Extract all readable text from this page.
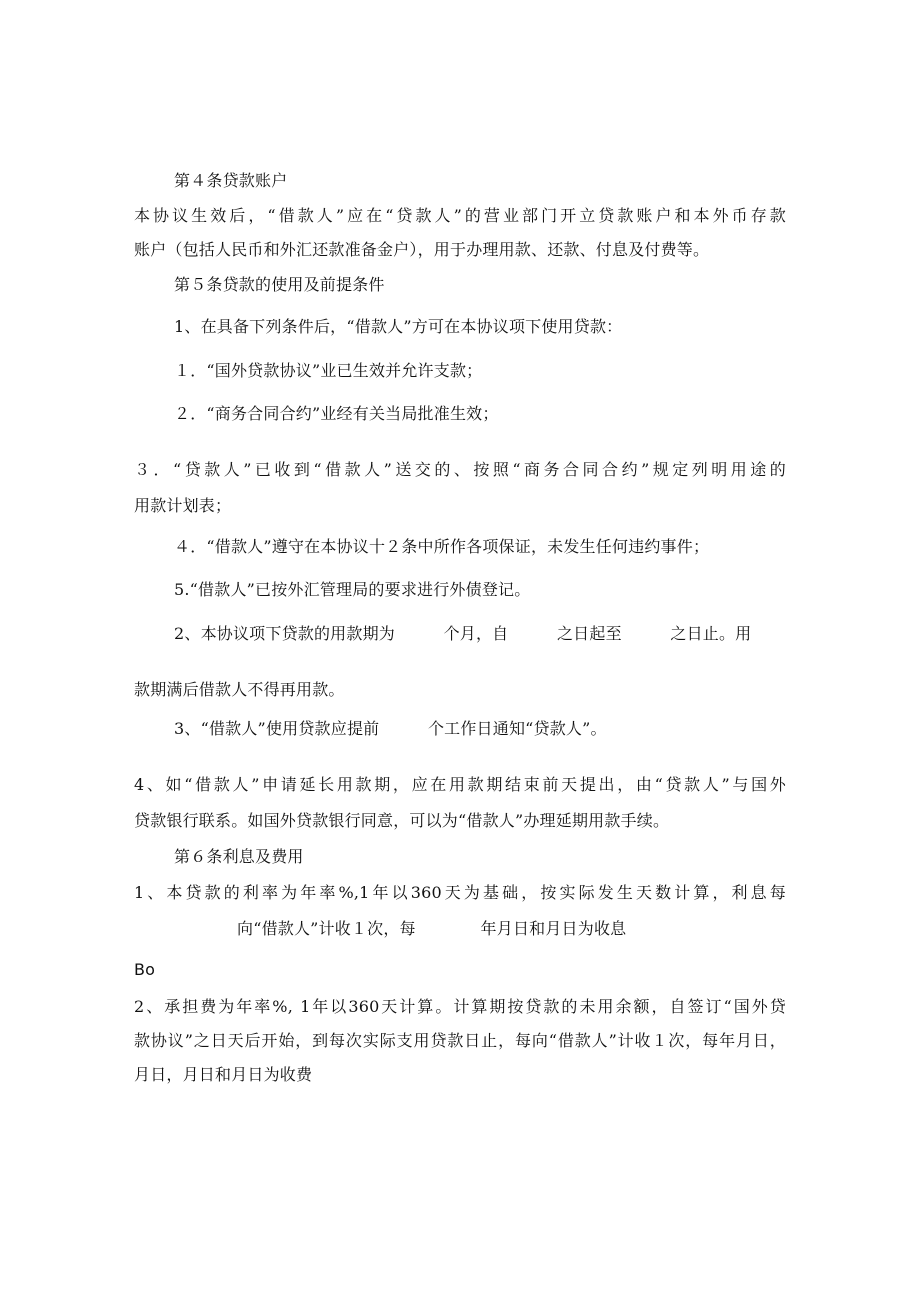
第４条贷款账户

本协议生效后，“借款人”应在“贷款人”的营业部门开立贷款账户和本外币存款

账户（包括人民币和外汇还款准备金户），用于办理用款、还款、付息及付费等。

第５条贷款的使用及前提条件

1、在具备下列条件后，“借款人”方可在本协议项下使用贷款：

１．“国外贷款协议”业已生效并允许支款；

２．“商务合同合约”业经有关当局批准生效；

３．“贷款人”已收到“借款人”送交的、按照“商务合同合约”规定列明用途的

用款计划表；

４．“借款人”遵守在本协议十２条中所作各项保证，未发生任何违约事件；

5.“借款人”已按外汇管理局的要求进行外债登记。

2、本协议项下贷款的用款期为　　　个月，自　　　之日起至　　　之日止。用

款期满后借款人不得再用款。

3、“借款人”使用贷款应提前　　　个工作日通知“贷款人”。

4、如“借款人”申请延长用款期，应在用款期结束前天提出，由“贷款人”与国外

贷款银行联系。如国外贷款银行同意，可以为“借款人”办理延期用款手续。

第６条利息及费用

1、本贷款的利率为年率%,1年以360天为基础，按实际发生天数计算，利息每

向“借款人”计收１次，每　　　　年月日和月日为收息

Bo

2、承担费为年率%, 1年以360天计算。计算期按贷款的未用余额，自签订“国外贷

款协议”之日天后开始，到每次实际支用贷款日止，每向“借款人”计收１次，每年月日，

月日，月日和月日为收费
